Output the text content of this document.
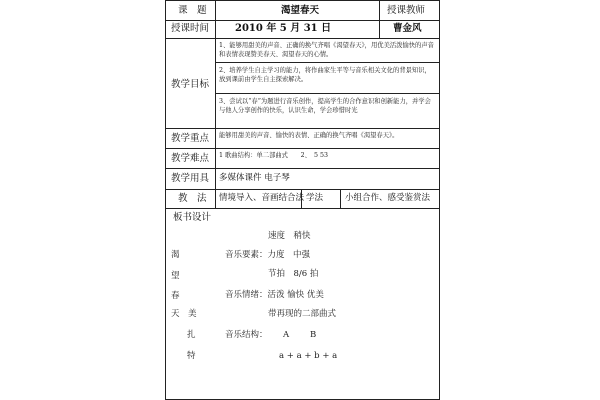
课　题	渴望春天	授课教师
授课时间	2010 年 5 月 31 日	曹金风
教学目标
1、能够用甜美的声音、正确的换气齐唱《渴望春天》，用优美活泼愉快的声音和表情表现赞美春天、渴望春天的心情。
2、培养学生自主学习的能力，将作曲家生平等与音乐相关文化的背景知识，放到课前由学生自主探索解决。
3、尝试以“春”为题进行音乐创作，提高学生的合作意识和创新能力，并学会与他人分享创作的快乐，认识生命，学会珍惜时光
教学重点 能够用甜美的声音、愉快的表情、正确的换气齐唱《渴望春天》。
教学难点 1 歌曲结构：单二部曲式　　2、　5 53
教学用具 多媒体课件 电子琴
教　法 情境导入、音画结合法 学法	小组合作、感受鉴赏法
板书设计
渴
望
春
天　美
扎
特
速度　稍快
音乐要素：力度　中强
节拍　8/6 拍
音乐情绪：活泼 愉快 优美
带再现的二部曲式
音乐结构： A B
a + a + b + a
